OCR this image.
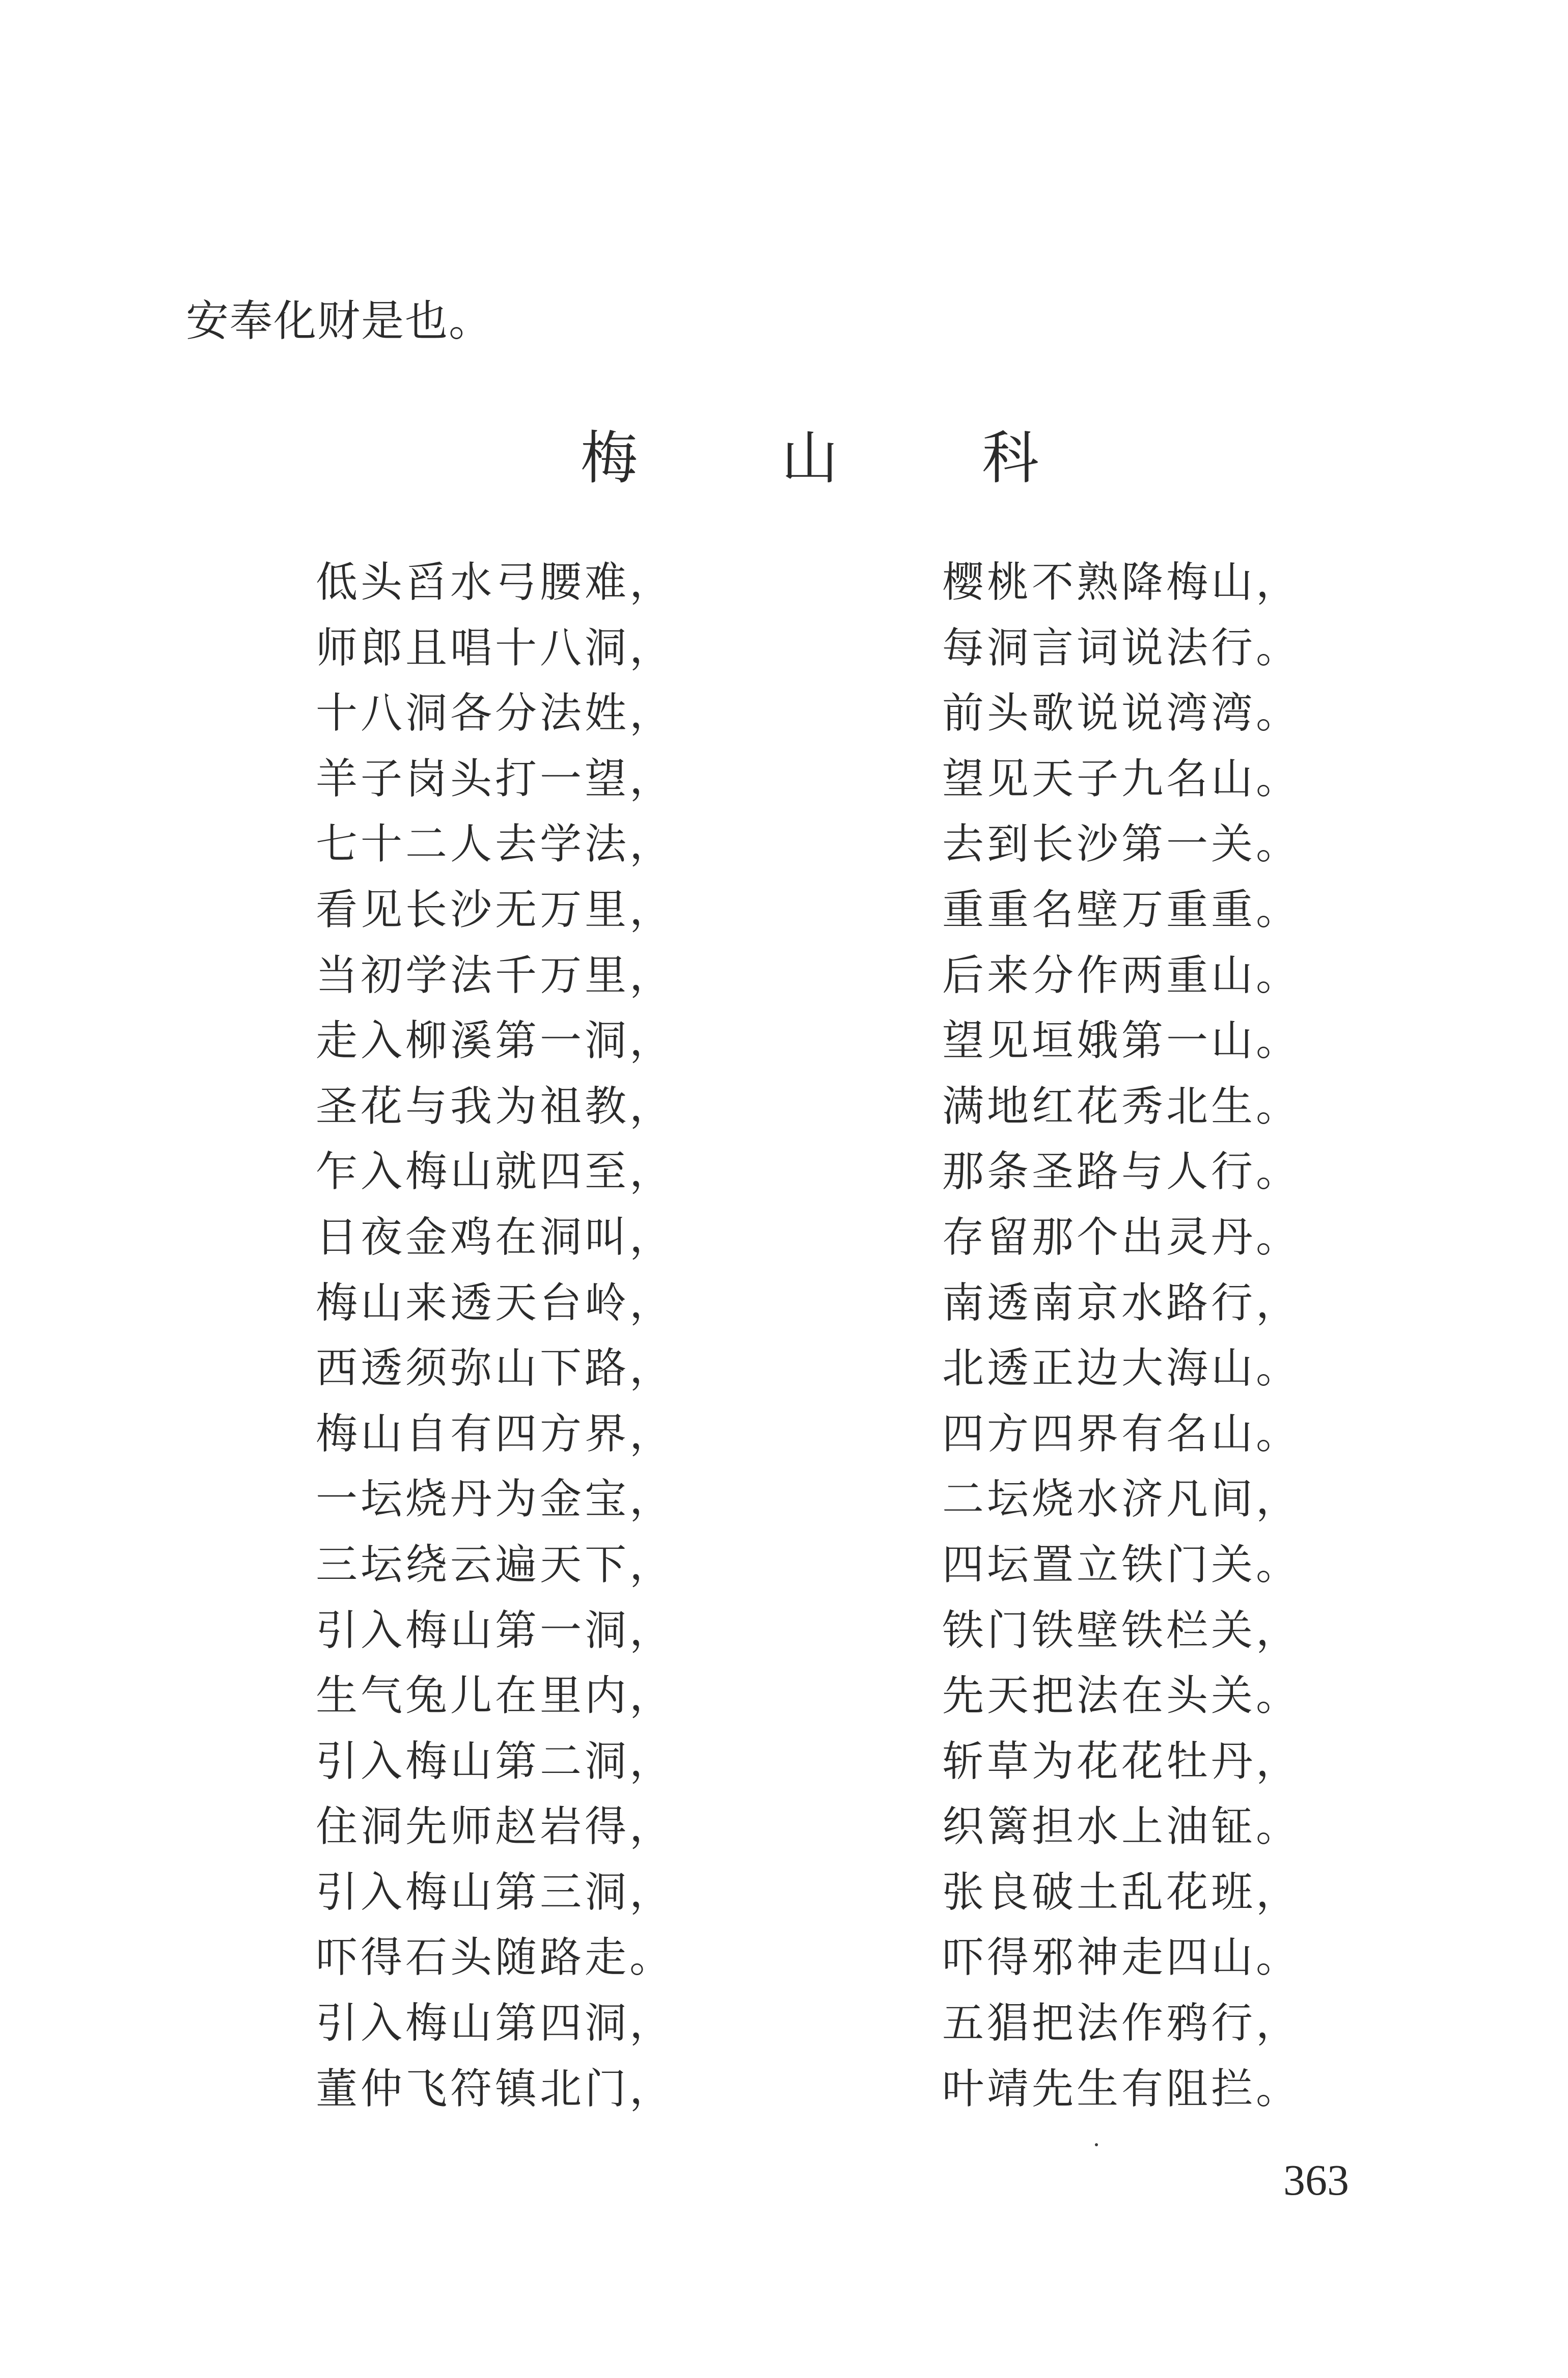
安奉化财是也。
梅	山	科
低头舀水弓腰难，	樱桃不熟降梅山，
师郎且唱十八洞，	每洞言词说法行。
十八洞各分法姓，	前头歌说说湾湾。
羊子岗头打一望，	望见天子九名山。
七十二人去学法，	去到长沙第一关。
看见长沙无万里，	重重名壁万重重。
当初学法千万里，	后来分作两重山。
走入柳溪第一洞，	望见垣娥第一山。
圣花与我为祖教，	满地红花秀北生。
乍入梅山就四至，	那条圣路与人行。
日夜金鸡在洞叫，	存留那个出灵丹。
梅山来透天台岭，	南透南京水路行，
西透须弥山下路，	北透正边大海山。
梅山自有四方界，	四方四界有名山。
一坛烧丹为金宝，	二坛烧水济凡间，
三坛绕云遍天下，	四坛置立铁门关。
引入梅山第一洞，	铁门铁壁铁栏关，
生气兔儿在里内，	先天把法在头关。
引入梅山第二洞，	斩草为花花牡丹，
住洞先师赵岩得，	织篱担水上油钲。
引入梅山第三洞，	张良破土乱花班，
吓得石头随路走。	吓得邪神走四山。
引入梅山第四洞，	五猖把法作鸦行，
董仲飞符镇北门，	叶靖先生有阻拦。
363
